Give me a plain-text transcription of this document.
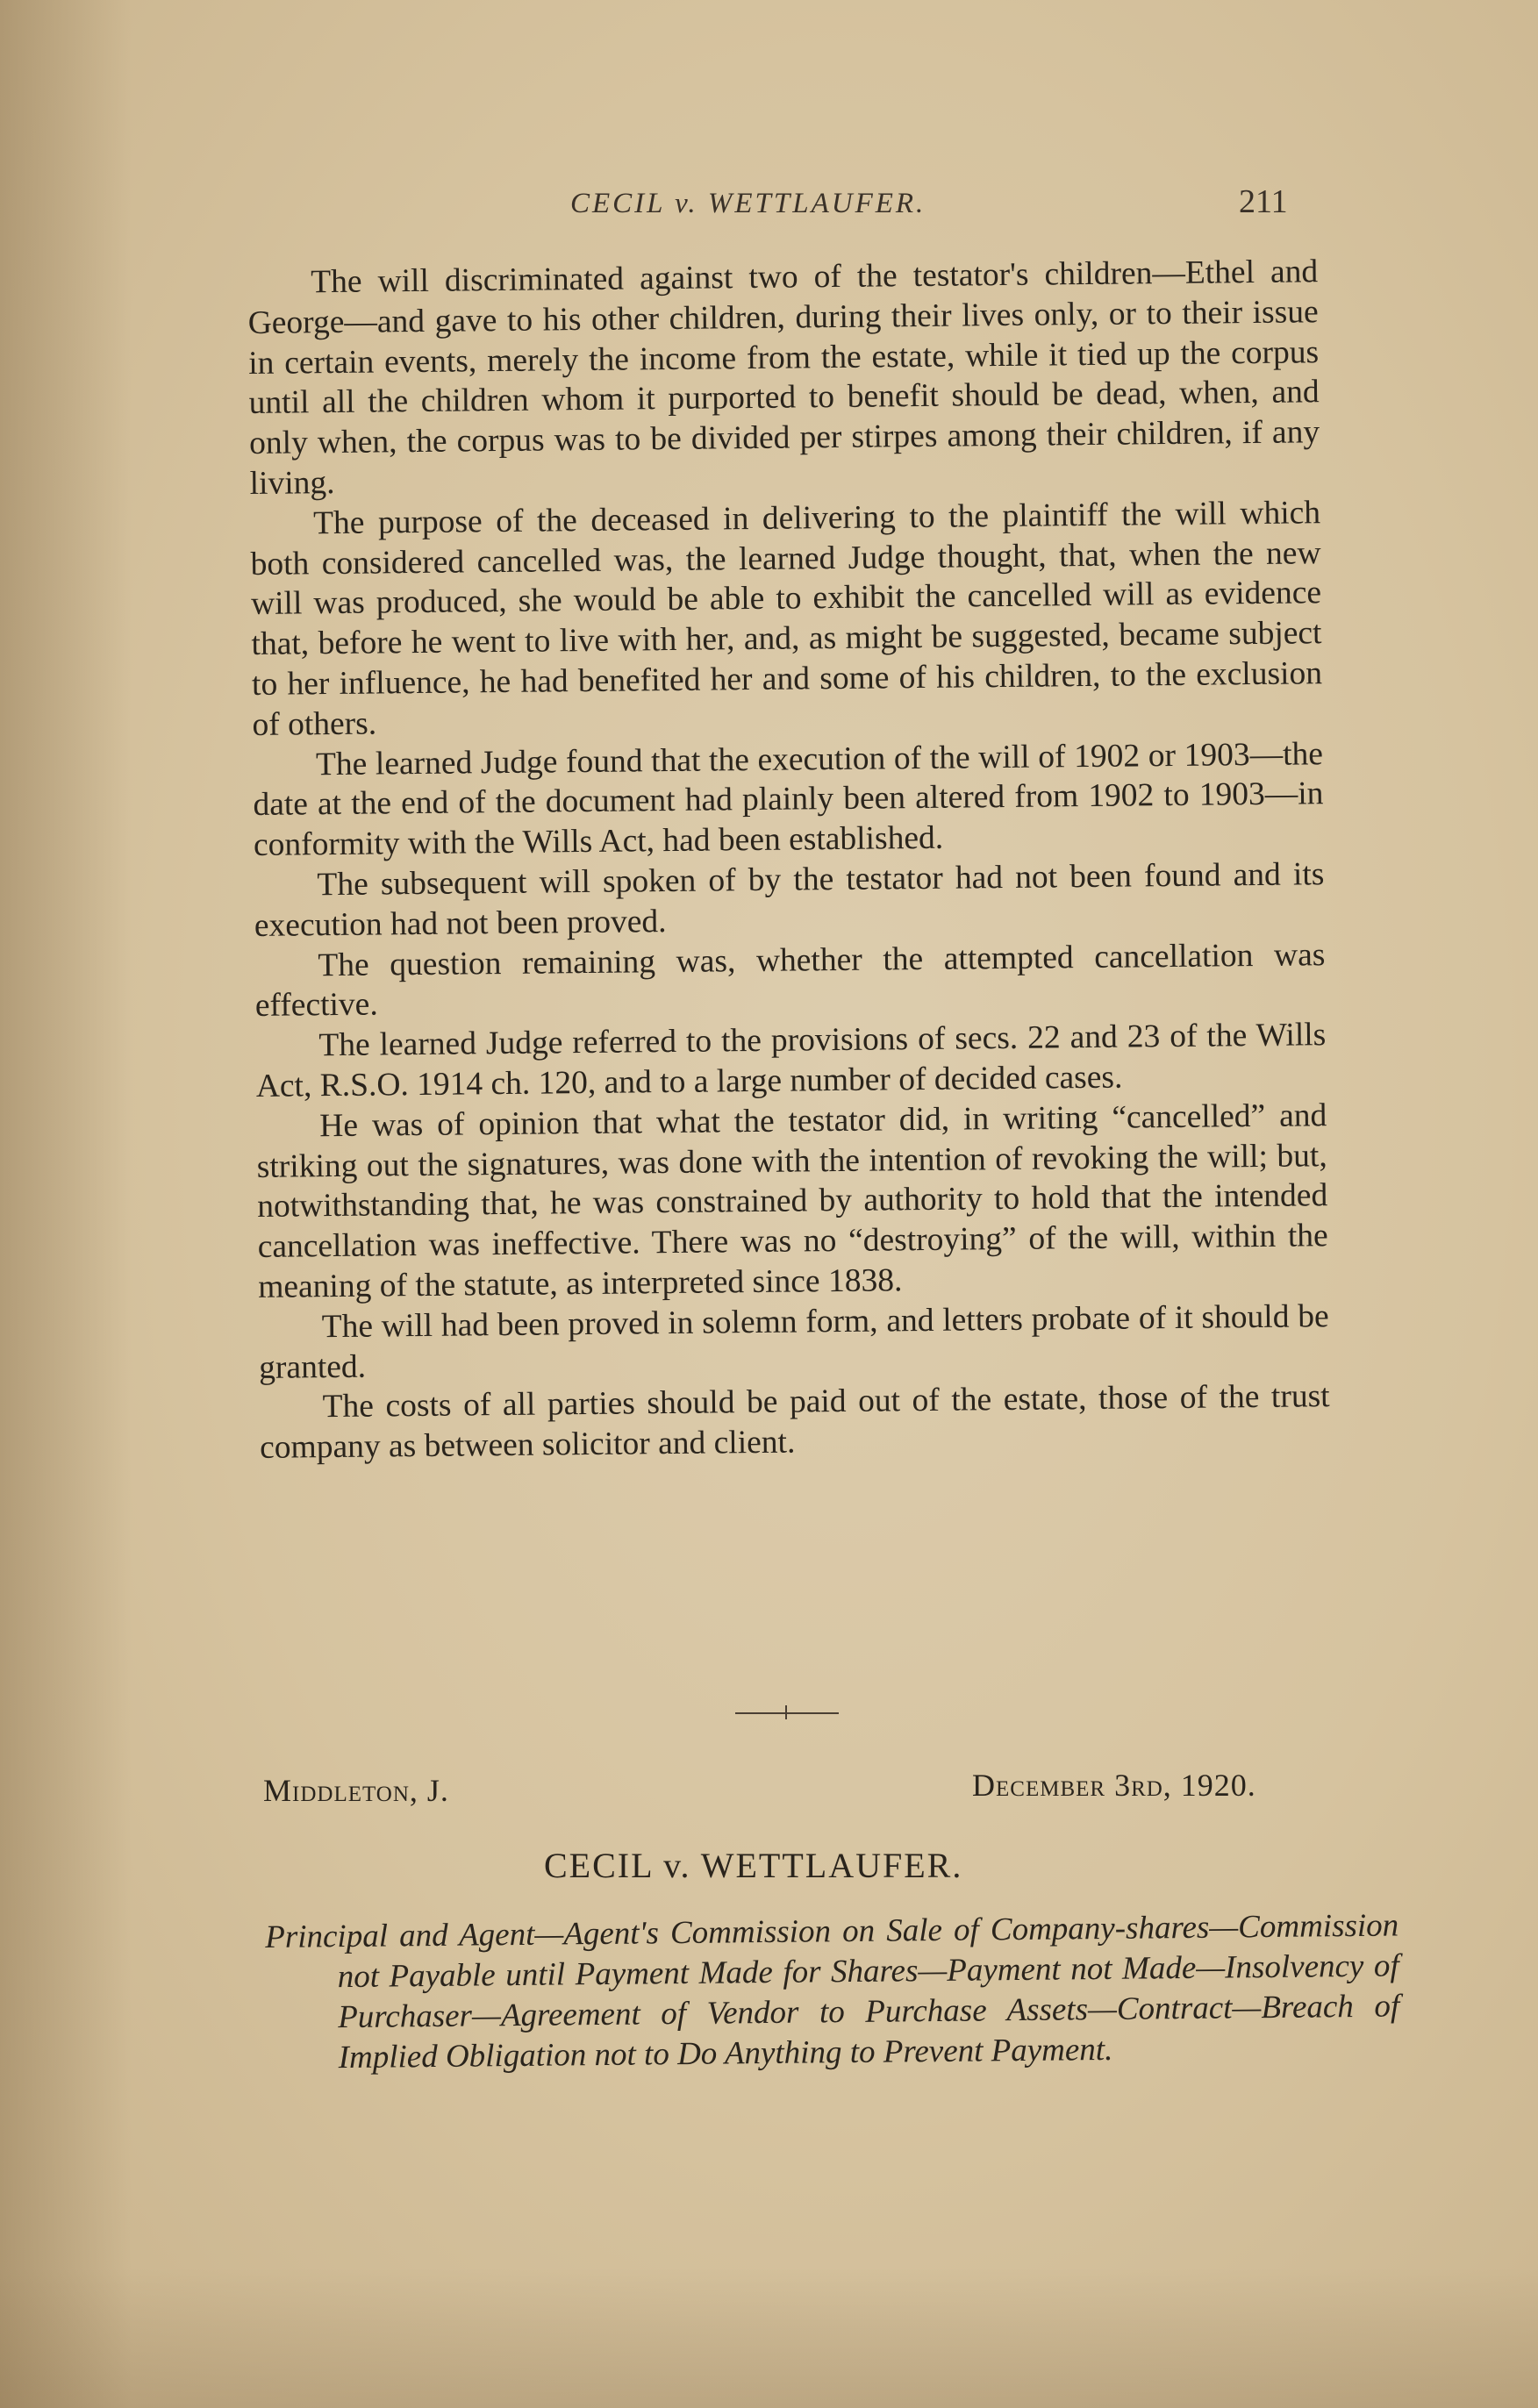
CECIL v. WETTLAUFER.	211

The will discriminated against two of the testator's children—Ethel and George—and gave to his other children, during their lives only, or to their issue in certain events, merely the income from the estate, while it tied up the corpus until all the children whom it purported to benefit should be dead, when, and only when, the corpus was to be divided per stirpes among their children, if any living.

The purpose of the deceased in delivering to the plaintiff the will which both considered cancelled was, the learned Judge thought, that, when the new will was produced, she would be able to exhibit the cancelled will as evidence that, before he went to live with her, and, as might be suggested, became subject to her influence, he had benefited her and some of his children, to the exclusion of others.

The learned Judge found that the execution of the will of 1902 or 1903—the date at the end of the document had plainly been altered from 1902 to 1903—in conformity with the Wills Act, had been established.

The subsequent will spoken of by the testator had not been found and its execution had not been proved.

The question remaining was, whether the attempted cancellation was effective.

The learned Judge referred to the provisions of secs. 22 and 23 of the Wills Act, R.S.O. 1914 ch. 120, and to a large number of decided cases.

He was of opinion that what the testator did, in writing “cancelled” and striking out the signatures, was done with the intention of revoking the will; but, notwithstanding that, he was constrained by authority to hold that the intended cancellation was ineffective. There was no “destroying” of the will, within the meaning of the statute, as interpreted since 1838.

The will had been proved in solemn form, and letters probate of it should be granted.

The costs of all parties should be paid out of the estate, those of the trust company as between solicitor and client.

Middleton, J.	December 3rd, 1920.
CECIL v. WETTLAUFER.
Principal and Agent—Agent's Commission on Sale of Company-shares—Commission not Payable until Payment Made for Shares—Payment not Made—Insolvency of Purchaser—Agreement of Vendor to Purchase Assets—Contract—Breach of Implied Obligation not to Do Anything to Prevent Payment.
